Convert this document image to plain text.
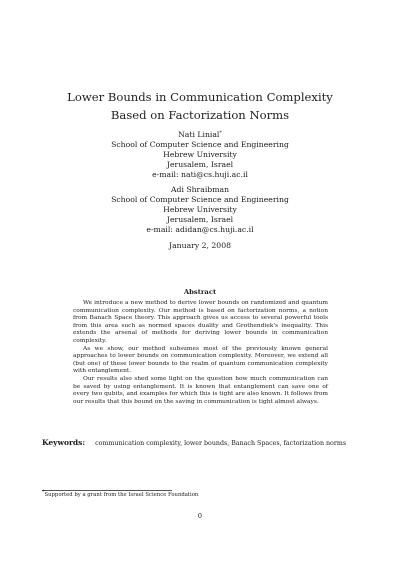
Lower Bounds in Communication Complexity Based on Factorization Norms
Nati Linial*
School of Computer Science and Engineering
Hebrew University
Jerusalem, Israel
e-mail: nati@cs.huji.ac.il
Adi Shraibman
School of Computer Science and Engineering
Hebrew University
Jerusalem, Israel
e-mail: adidan@cs.huji.ac.il
January 2, 2008
Abstract

We introduce a new method to derive lower bounds on randomized and quantum communication complexity. Our method is based on factorization norms, a notion from Banach Space theory. This approach gives us access to several powerful tools from this area such as normed spaces duality and Grothendiek's inequality. This extends the arsenal of methods for deriving lower bounds in communication complexity.

As we show, our method subsumes most of the previously known general approaches to lower bounds on communication complexity. Moreover, we extend all (but one) of these lower bounds to the realm of quantum communication complexity with entanglement.

Our results also shed some light on the question how much communication can be saved by using entanglement. It is known that entanglement can save one of every two qubits, and examples for which this is tight are also known. It follows from our results that this bound on the saving in communication is tight almost always.

Keywords: communication complexity, lower bounds, Banach Spaces, factorization norms
*Supported by a grant from the Israel Science Foundation
0
